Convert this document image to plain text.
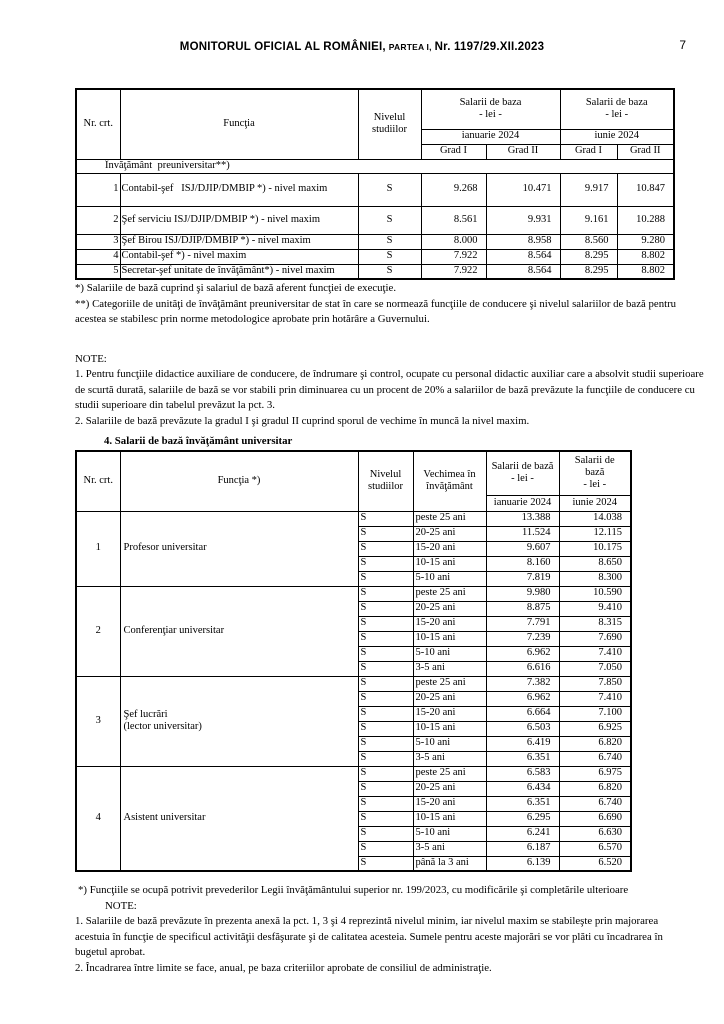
MONITORUL OFICIAL AL ROMÂNIEI, PARTEA I, Nr. 1197/29.XII.2023	7
Nr. crt.	Funcţia	Nivelul studiilor	
Salarii de baza
- lei -

Salarii de baza
- lei -

			ianuarie 2024		iunie 2024	
			Grad I	Grad II	Grad I	Grad II
Învăţământ  preuniversitar**)						
1	Contabil-şef   ISJ/DJIP/DMBIP *) - nivel maxim	S	9.268	10.471	9.917	10.847
2	Şef serviciu ISJ/DJIP/DMBIP *) - nivel maxim	S	8.561	9.931	9.161	10.288
3	Şef Birou ISJ/DJIP/DMBIP *) - nivel maxim	S	8.000	8.958	8.560	9.280
4	Contabil-şef *) - nivel maxim	S	7.922	8.564	8.295	8.802
5	Secretar-şef unitate de învăţământ*) - nivel maxim	S	7.922	8.564	8.295	8.802

*) Salariile de bază cuprind şi salariul de bază aferent funcţiei de execuţie.

**) Categoriile de unităţi de învăţământ preuniversitar de stat în care se normează funcţiile de conducere şi nivelul salariilor de bază pentru acestea se stabilesc prin norme metodologice aprobate prin hotărâre a Guvernului.

NOTE:

1. Pentru funcţiile didactice auxiliare de conducere, de îndrumare şi control, ocupate cu personal didactic auxiliar care a absolvit studii superioare de scurtă durată, salariile de bază se vor stabili prin diminuarea cu un procent de 20% a salariilor de bază prevăzute la funcţiile de conducere cu studii superioare din tabelul prevăzut la pct. 3.

2. Salariile de bază prevăzute la gradul I şi gradul II cuprind sporul de vechime în muncă la nivel maxim.

4. Salarii de bază învăţământ universitar
Nr. crt.	Funcţia *)	Nivelul studiilor	Vechimea în învăţământ	
Salarii de bază
- lei -

Salarii de
bază
- lei -

				ianuarie 2024	iunie 2024
1	Profesor universitar	S	peste 25 ani	13.388	14.038
		S	20-25 ani	11.524	12.115
		S	15-20 ani	9.607	10.175
		S	10-15 ani	8.160	8.650
		S	5-10 ani	7.819	8.300
2	Conferenţiar universitar	S	peste 25 ani	9.980	10.590
		S	20-25 ani	8.875	9.410
		S	15-20 ani	7.791	8.315
		S	10-15 ani	7.239	7.690
		S	5-10 ani	6.962	7.410
		S	3-5 ani	6.616	7.050
3	Şef lucrări
(lector universitar)	S	peste 25 ani	7.382	7.850
		S	20-25 ani	6.962	7.410
		S	15-20 ani	6.664	7.100
		S	10-15 ani	6.503	6.925
		S	5-10 ani	6.419	6.820
		S	3-5 ani	6.351	6.740
4	Asistent universitar	S	peste 25 ani	6.583	6.975
		S	20-25 ani	6.434	6.820
		S	15-20 ani	6.351	6.740
		S	10-15 ani	6.295	6.690
		S	5-10 ani	6.241	6.630
		S	3-5 ani	6.187	6.570
		S	până la 3 ani	6.139	6.520

*) Funcţiile se ocupă potrivit prevederilor Legii învăţământului superior nr. 199/2023, cu modificările şi completările ulterioare

NOTE:

1. Salariile de bază prevăzute în prezenta anexă la pct. 1, 3 şi 4 reprezintă nivelul minim, iar nivelul maxim se stabileşte prin majorarea acestuia în funcţie de specificul activităţii desfăşurate şi de calitatea acesteia. Sumele pentru aceste majorări se vor plăti cu încadrarea în bugetul aprobat.

2. Încadrarea între limite se face, anual, pe baza criteriilor aprobate de consiliul de administraţie.
